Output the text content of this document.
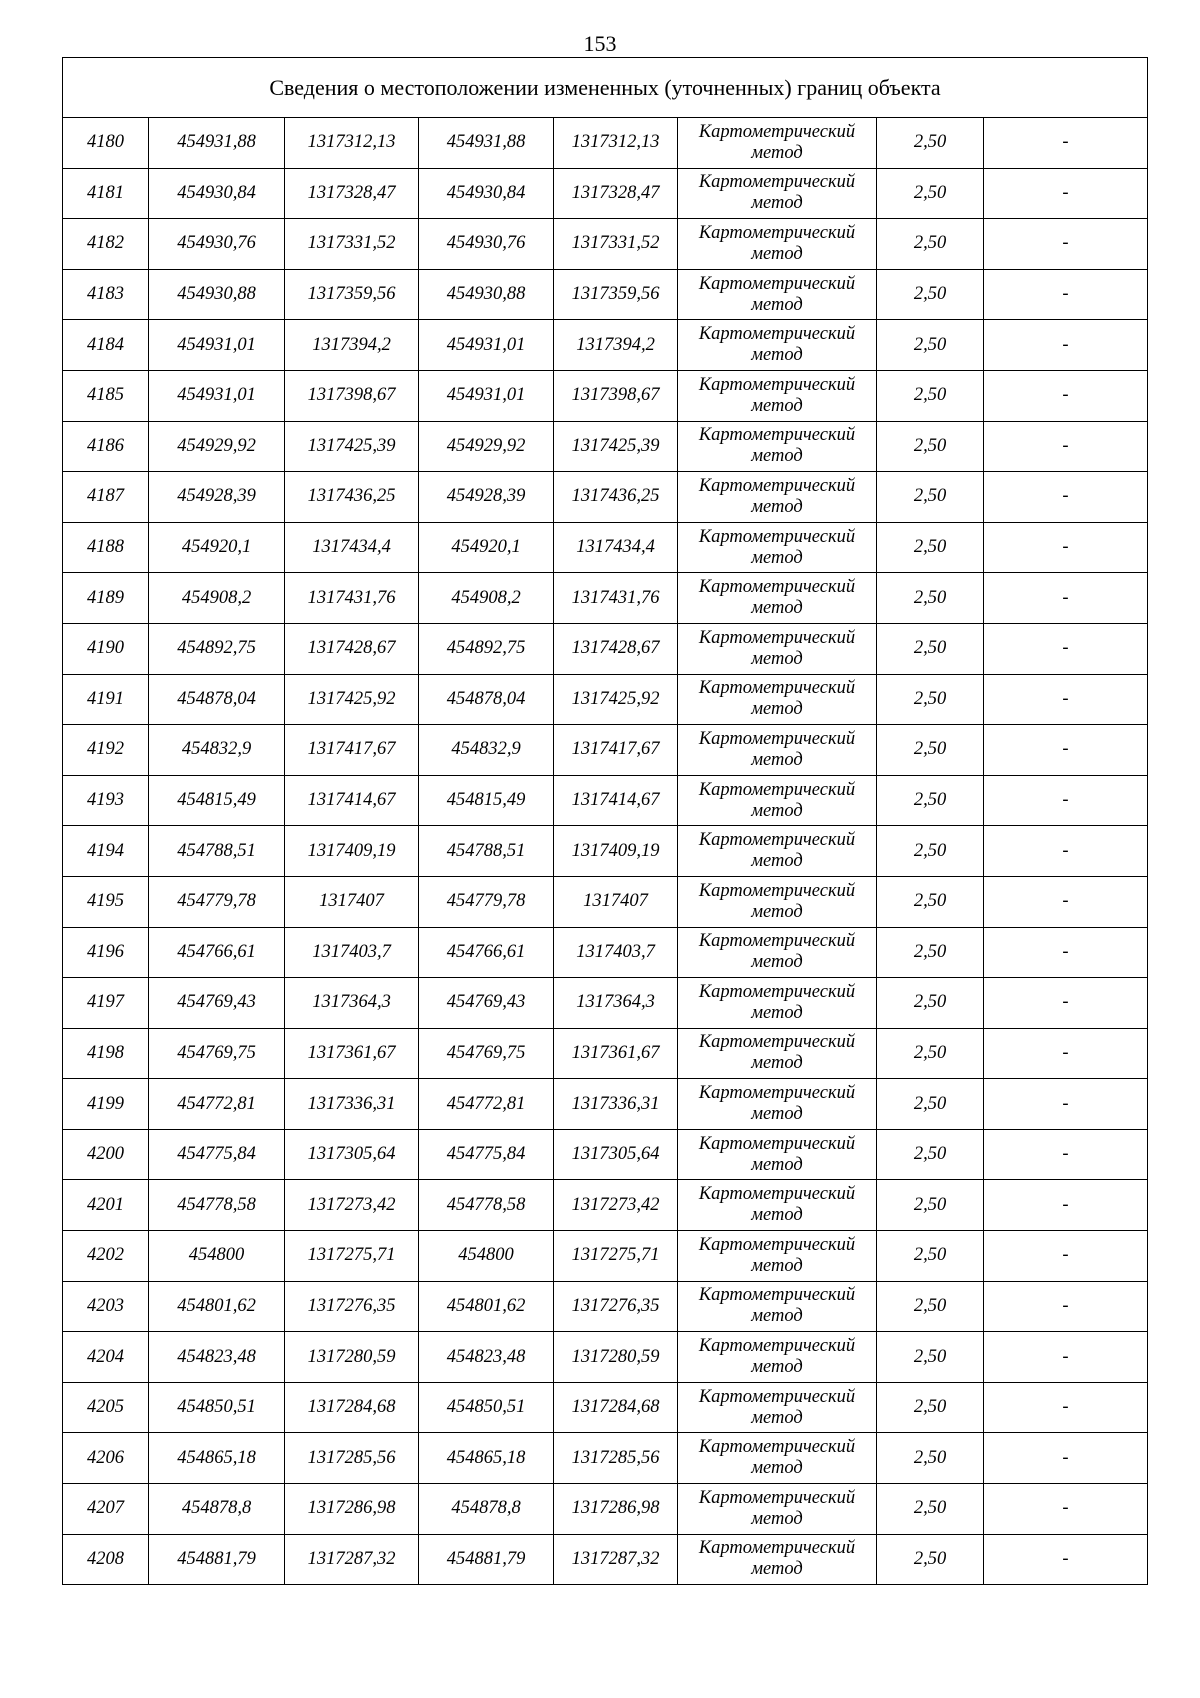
153
Сведения о местоположении измененных (уточненных) границ объекта							
4180	454931,88	1317312,13	454931,88	1317312,13	Картометрический
метод	2,50	-
4181	454930,84	1317328,47	454930,84	1317328,47	Картометрический
метод	2,50	-
4182	454930,76	1317331,52	454930,76	1317331,52	Картометрический
метод	2,50	-
4183	454930,88	1317359,56	454930,88	1317359,56	Картометрический
метод	2,50	-
4184	454931,01	1317394,2	454931,01	1317394,2	Картометрический
метод	2,50	-
4185	454931,01	1317398,67	454931,01	1317398,67	Картометрический
метод	2,50	-
4186	454929,92	1317425,39	454929,92	1317425,39	Картометрический
метод	2,50	-
4187	454928,39	1317436,25	454928,39	1317436,25	Картометрический
метод	2,50	-
4188	454920,1	1317434,4	454920,1	1317434,4	Картометрический
метод	2,50	-
4189	454908,2	1317431,76	454908,2	1317431,76	Картометрический
метод	2,50	-
4190	454892,75	1317428,67	454892,75	1317428,67	Картометрический
метод	2,50	-
4191	454878,04	1317425,92	454878,04	1317425,92	Картометрический
метод	2,50	-
4192	454832,9	1317417,67	454832,9	1317417,67	Картометрический
метод	2,50	-
4193	454815,49	1317414,67	454815,49	1317414,67	Картометрический
метод	2,50	-
4194	454788,51	1317409,19	454788,51	1317409,19	Картометрический
метод	2,50	-
4195	454779,78	1317407	454779,78	1317407	Картометрический
метод	2,50	-
4196	454766,61	1317403,7	454766,61	1317403,7	Картометрический
метод	2,50	-
4197	454769,43	1317364,3	454769,43	1317364,3	Картометрический
метод	2,50	-
4198	454769,75	1317361,67	454769,75	1317361,67	Картометрический
метод	2,50	-
4199	454772,81	1317336,31	454772,81	1317336,31	Картометрический
метод	2,50	-
4200	454775,84	1317305,64	454775,84	1317305,64	Картометрический
метод	2,50	-
4201	454778,58	1317273,42	454778,58	1317273,42	Картометрический
метод	2,50	-
4202	454800	1317275,71	454800	1317275,71	Картометрический
метод	2,50	-
4203	454801,62	1317276,35	454801,62	1317276,35	Картометрический
метод	2,50	-
4204	454823,48	1317280,59	454823,48	1317280,59	Картометрический
метод	2,50	-
4205	454850,51	1317284,68	454850,51	1317284,68	Картометрический
метод	2,50	-
4206	454865,18	1317285,56	454865,18	1317285,56	Картометрический
метод	2,50	-
4207	454878,8	1317286,98	454878,8	1317286,98	Картометрический
метод	2,50	-
4208	454881,79	1317287,32	454881,79	1317287,32	Картометрический
метод	2,50	-
